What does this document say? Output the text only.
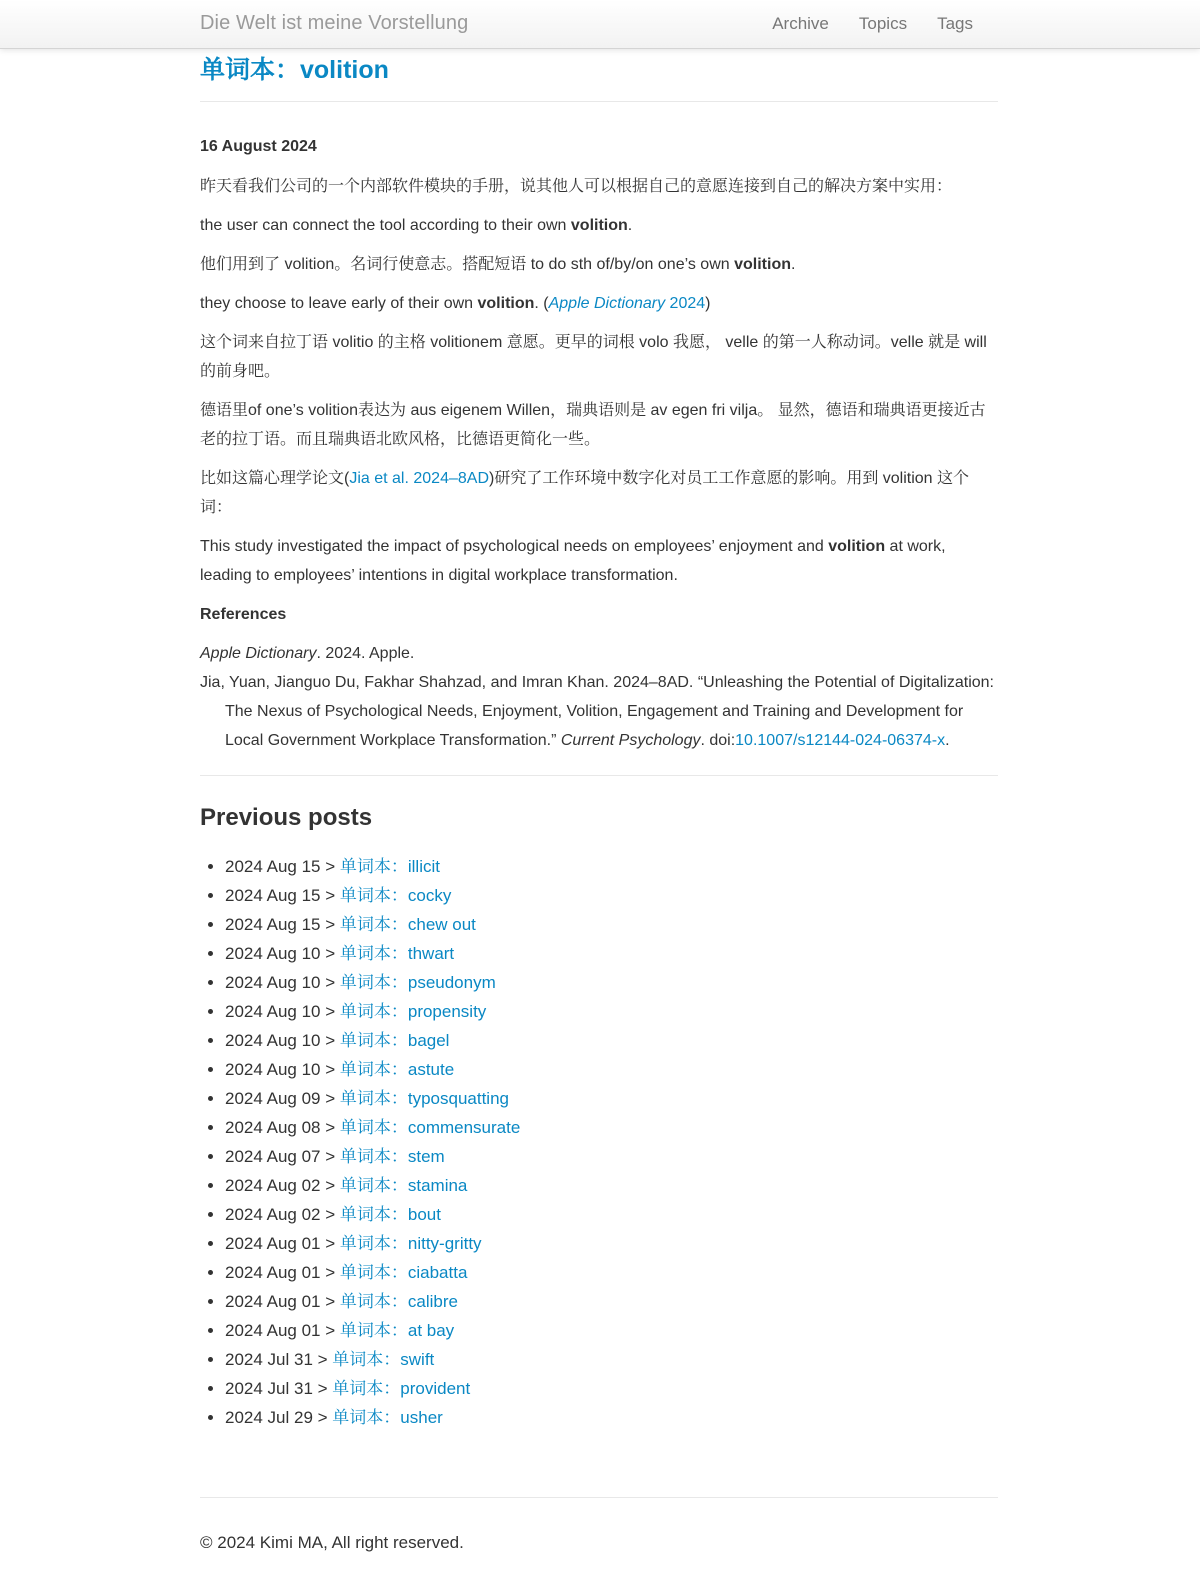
Die Welt ist meine Vorstellung	Archive Topics Tags
单词本：volition
16 August 2024

昨天看我们公司的一个内部软件模块的手册，说其他人可以根据自己的意愿连接到自己的解决方案中实用：

the user can connect the tool according to their own volition.

他们用到了 volition。名词行使意志。搭配短语 to do sth of/by/on one’s own volition.

they choose to leave early of their own volition. (Apple Dictionary 2024)

这个词来自拉丁语 volitio 的主格 volitionem 意愿。更早的词根 volo 我愿， velle 的第一人称动词。velle 就是 will 的前身吧。

德语里of one’s volition表达为 aus eigenem Willen，瑞典语则是 av egen fri vilja。 显然，德语和瑞典语更接近古老的拉丁语。而且瑞典语北欧风格，比德语更简化一些。

比如这篇心理学论文(Jia et al. 2024–8AD)研究了工作环境中数字化对员工工作意愿的影响。用到 volition 这个词：

This study investigated the impact of psychological needs on employees’ enjoyment and volition at work, leading to employees’ intentions in digital workplace transformation.

References
Apple Dictionary. 2024. Apple.
Jia, Yuan, Jianguo Du, Fakhar Shahzad, and Imran Khan. 2024–8AD. “Unleashing the Potential of Digitalization: The Nexus of Psychological Needs, Enjoyment, Volition, Engagement and Training and Development for Local Government Workplace Transformation.” Current Psychology. doi:10.1007/s12144-024-06374-x.
Previous posts
• 2024 Aug 15 > 单词本：illicit
• 2024 Aug 15 > 单词本：cocky
• 2024 Aug 15 > 单词本：chew out
• 2024 Aug 10 > 单词本：thwart
• 2024 Aug 10 > 单词本：pseudonym
• 2024 Aug 10 > 单词本：propensity
• 2024 Aug 10 > 单词本：bagel
• 2024 Aug 10 > 单词本：astute
• 2024 Aug 09 > 单词本：typosquatting
• 2024 Aug 08 > 单词本：commensurate
• 2024 Aug 07 > 单词本：stem
• 2024 Aug 02 > 单词本：stamina
• 2024 Aug 02 > 单词本：bout
• 2024 Aug 01 > 单词本：nitty-gritty
• 2024 Aug 01 > 单词本：ciabatta
• 2024 Aug 01 > 单词本：calibre
• 2024 Aug 01 > 单词本：at bay
• 2024 Jul 31 > 单词本：swift
• 2024 Jul 31 > 单词本：provident
• 2024 Jul 29 > 单词本：usher
© 2024 Kimi MA, All right reserved.
